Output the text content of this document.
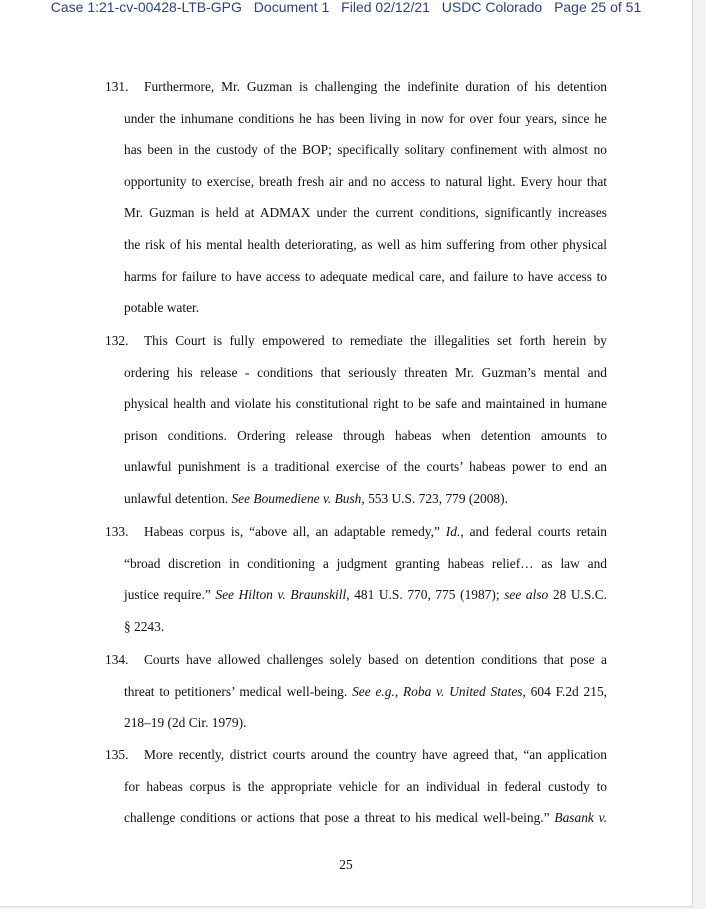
Case 1:21-cv-00428-LTB-GPG Document 1 Filed 02/12/21 USDC Colorado Page 25 of 51
131.	Furthermore, Mr. Guzman is challenging the indefinite duration of his detention
under the inhumane conditions he has been living in now for over four years, since he
has been in the custody of the BOP; specifically solitary confinement with almost no
opportunity to exercise, breath fresh air and no access to natural light. Every hour that
Mr. Guzman is held at ADMAX under the current conditions, significantly increases
the risk of his mental health deteriorating, as well as him suffering from other physical
harms for failure to have access to adequate medical care, and failure to have access to
potable water.
132.	This Court is fully empowered to remediate the illegalities set forth herein by
ordering his release - conditions that seriously threaten Mr. Guzman’s mental and
physical health and violate his constitutional right to be safe and maintained in humane
prison conditions. Ordering release through habeas when detention amounts to
unlawful punishment is a traditional exercise of the courts’ habeas power to end an
unlawful detention. See Boumediene v. Bush, 553 U.S. 723, 779 (2008).
133.	Habeas corpus is, “above all, an adaptable remedy,” Id., and federal courts retain
“broad discretion in conditioning a judgment granting habeas relief… as law and
justice require.” See Hilton v. Braunskill, 481 U.S. 770, 775 (1987); see also 28 U.S.C.
§ 2243.
134.	Courts have allowed challenges solely based on detention conditions that pose a
threat to petitioners’ medical well-being. See e.g., Roba v. United States, 604 F.2d 215,
218–19 (2d Cir. 1979).
135.	More recently, district courts around the country have agreed that, “an application
for habeas corpus is the appropriate vehicle for an individual in federal custody to
challenge conditions or actions that pose a threat to his medical well-being.” Basank v.
25
